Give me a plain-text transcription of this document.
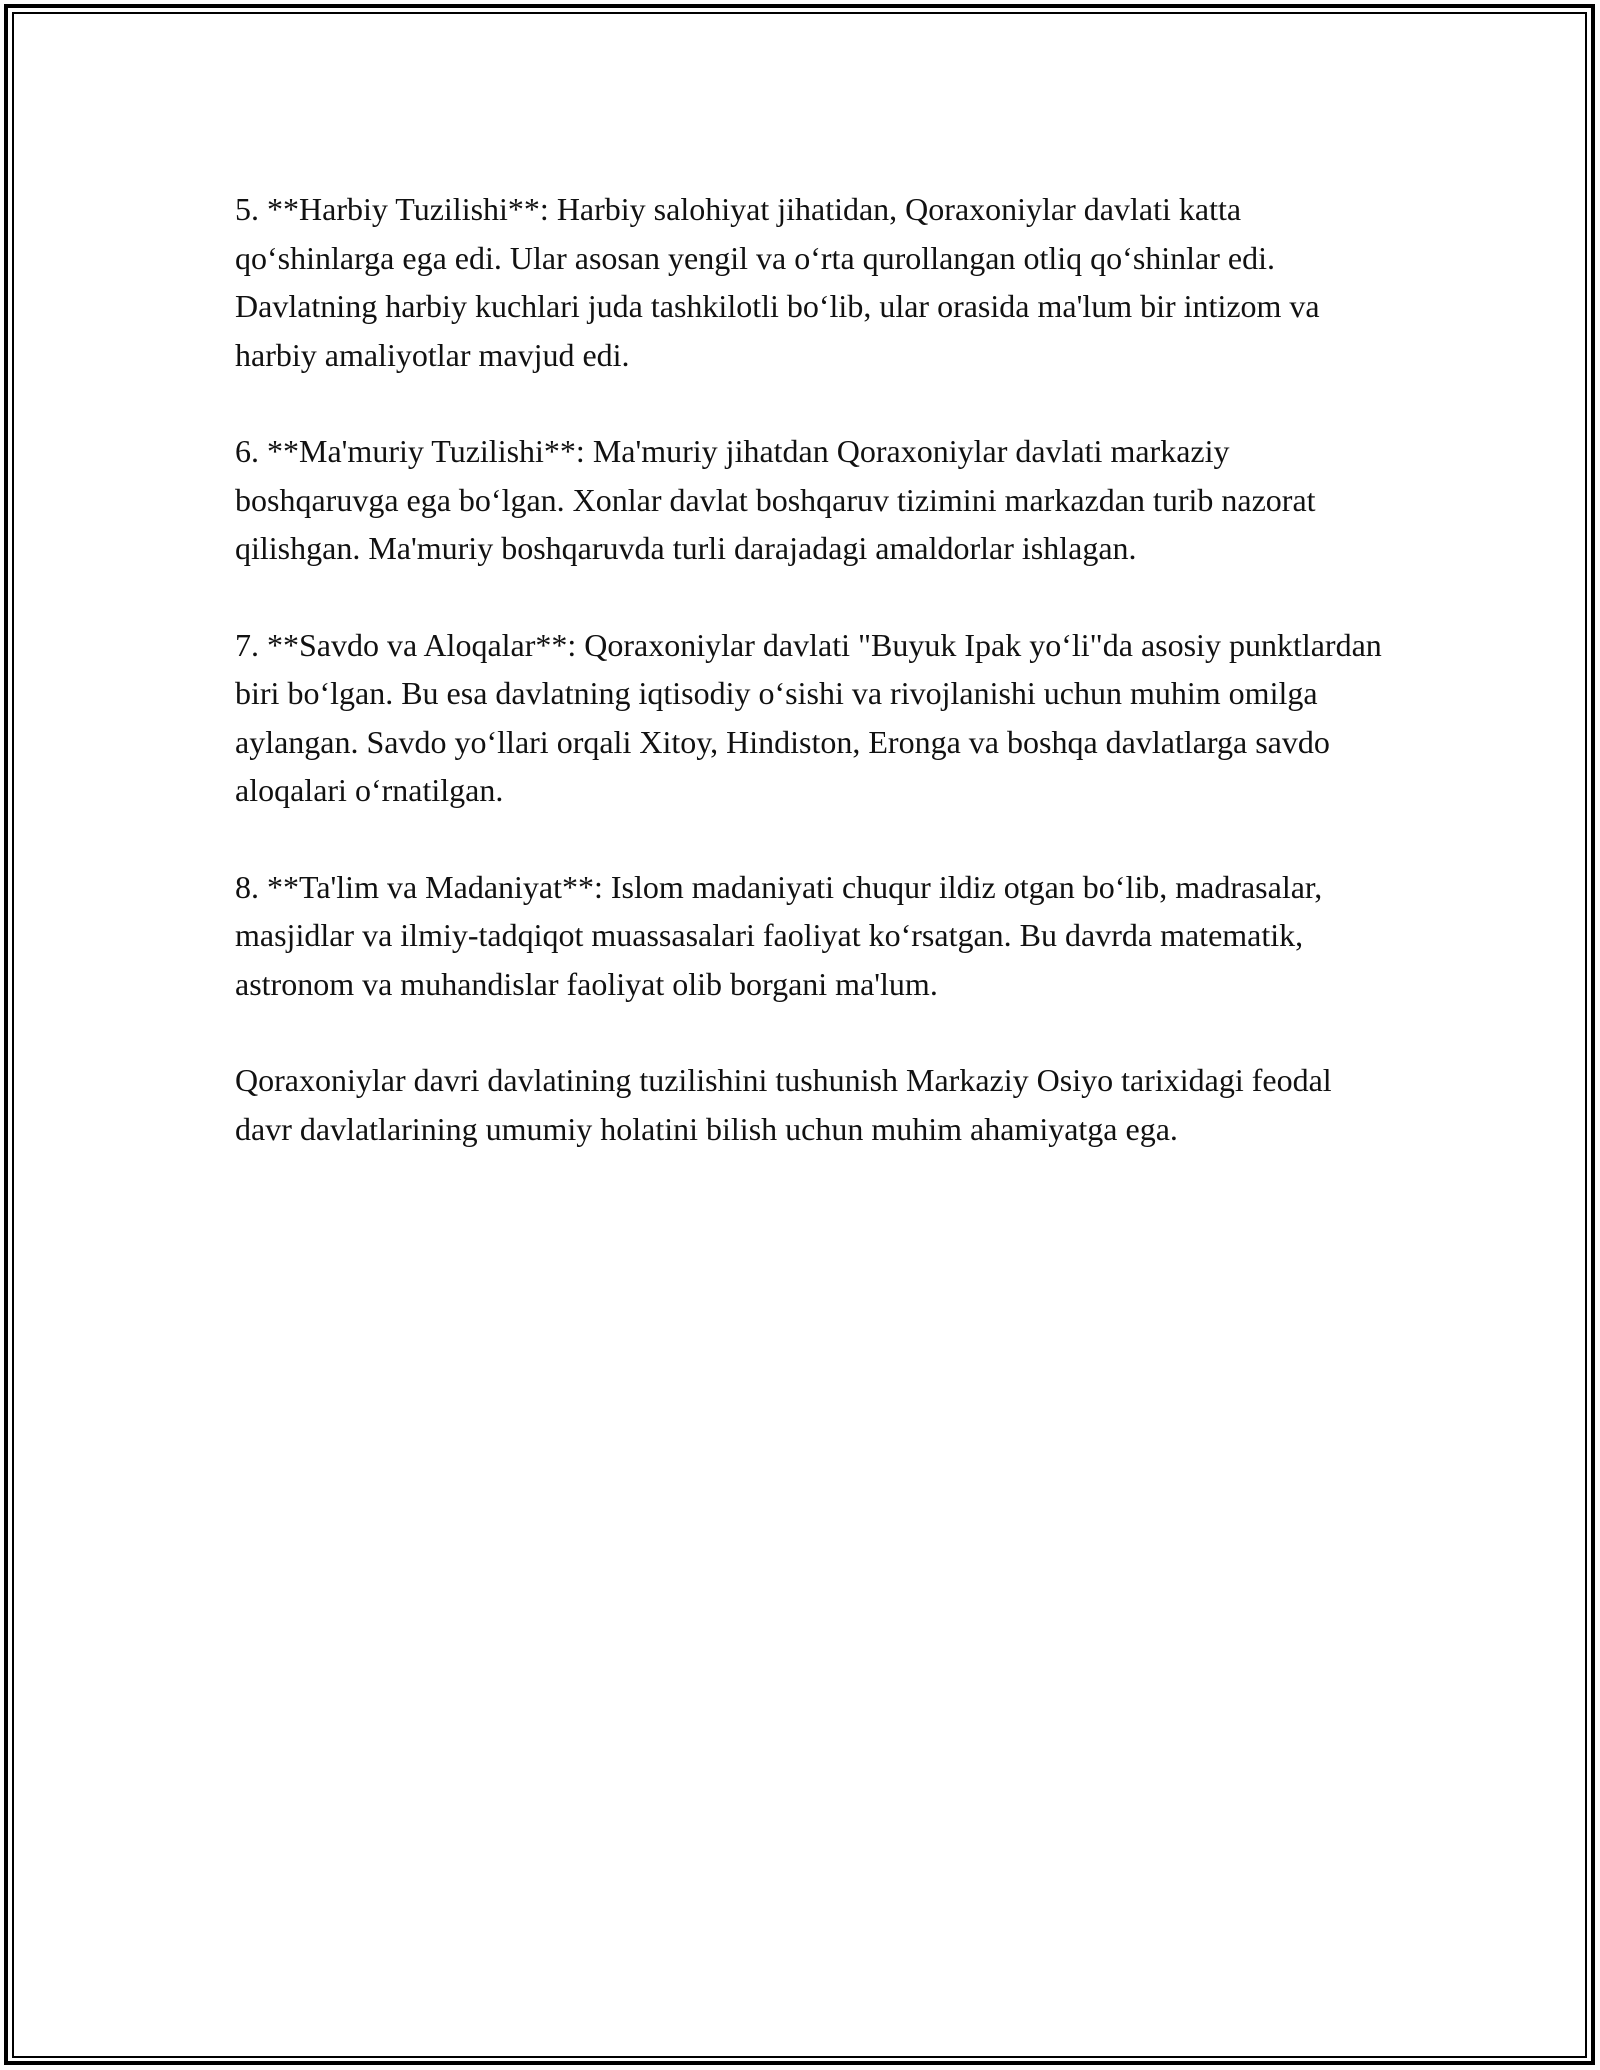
5. **Harbiy Tuzilishi**: Harbiy salohiyat jihatidan, Qoraxoniylar davlati katta qo‘shinlarga ega edi. Ular asosan yengil va o‘rta qurollangan otliq qo‘shinlar edi. Davlatning harbiy kuchlari juda tashkilotli bo‘lib, ular orasida ma'lum bir intizom va harbiy amaliyotlar mavjud edi.

6. **Ma'muriy Tuzilishi**: Ma'muriy jihatdan Qoraxoniylar davlati markaziy boshqaruvga ega bo‘lgan. Xonlar davlat boshqaruv tizimini markazdan turib nazorat qilishgan. Ma'muriy boshqaruvda turli darajadagi amaldorlar ishlagan.

7. **Savdo va Aloqalar**: Qoraxoniylar davlati "Buyuk Ipak yo‘li"da asosiy punktlardan biri bo‘lgan. Bu esa davlatning iqtisodiy o‘sishi va rivojlanishi uchun muhim omilga aylangan. Savdo yo‘llari orqali Xitoy, Hindiston, Eronga va boshqa davlatlarga savdo aloqalari o‘rnatilgan.

8. **Ta'lim va Madaniyat**: Islom madaniyati chuqur ildiz otgan bo‘lib, madrasalar, masjidlar va ilmiy-tadqiqot muassasalari faoliyat ko‘rsatgan. Bu davrda matematik, astronom va muhandislar faoliyat olib borgani ma'lum.

Qoraxoniylar davri davlatining tuzilishini tushunish Markaziy Osiyo tarixidagi feodal davr davlatlarining umumiy holatini bilish uchun muhim ahamiyatga ega.
